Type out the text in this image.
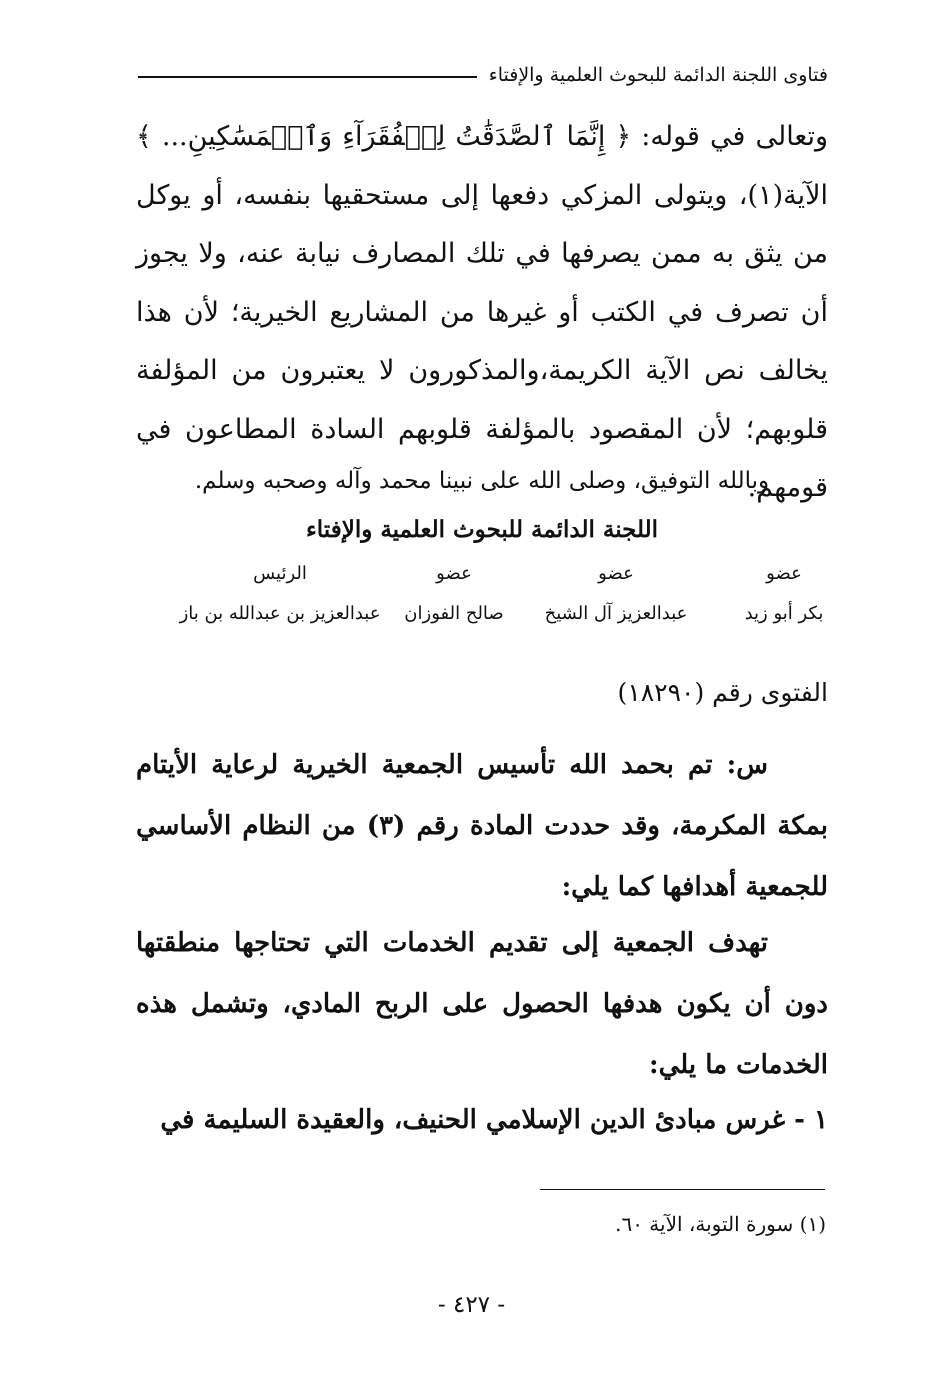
فتاوى اللجنة الدائمة للبحوث العلمية والإفتاء
وتعالى في قوله: ﴿ إِنَّمَا ٱلصَّدَقَٰتُ لِلۡفُقَرَآءِ وَٱلۡمَسَٰكِينِ... ﴾ الآية(١)، ويتولى المزكي دفعها إلى مستحقيها بنفسه، أو يوكل من يثق به ممن يصرفها في تلك المصارف نيابة عنه، ولا يجوز أن تصرف في الكتب أو غيرها من المشاريع الخيرية؛ لأن هذا يخالف نص الآية الكريمة،والمذكورون لا يعتبرون من المؤلفة قلوبهم؛ لأن المقصود بالمؤلفة قلوبهم السادة المطاعون في قومهم.
وبالله التوفيق، وصلى الله على نبينا محمد وآله وصحبه وسلم.
اللجنة الدائمة للبحوث العلمية والإفتاء
عضو
عضو
عضو
الرئيس
بكر أبو زيد
عبدالعزيز آل الشيخ
صالح الفوزان
عبدالعزيز بن عبدالله بن باز
الفتوى رقم (١٨٢٩٠)
س: تم بحمد الله تأسيس الجمعية الخيرية لرعاية الأيتام بمكة المكرمة، وقد حددت المادة رقم (٣) من النظام الأساسي للجمعية أهدافها كما يلي:
تهدف الجمعية إلى تقديم الخدمات التي تحتاجها منطقتها دون أن يكون هدفها الحصول على الربح المادي، وتشمل هذه الخدمات ما يلي:
١ - غرس مبادئ الدين الإسلامي الحنيف، والعقيدة السليمة في
(١) سورة التوبة، الآية ٦٠.
- ٤٢٧ -
